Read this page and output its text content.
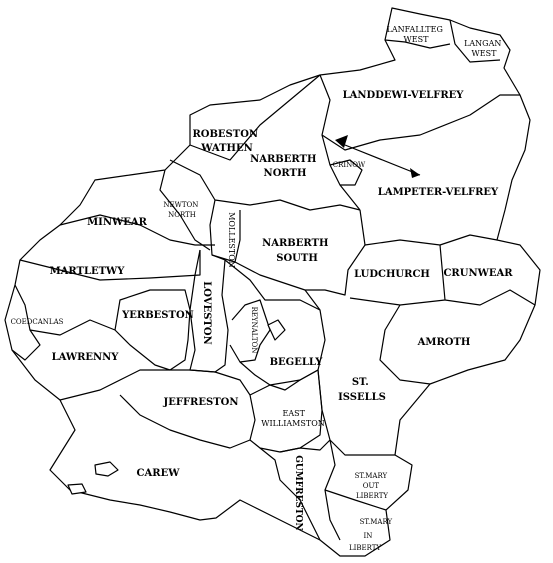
LANFALLTEG WEST	LANGAN WEST
LANDDEWI-VELFREY
ROBESTON WATHEN
NARBERTH NORTH
CRINOW
LAMPETER-VELFREY
MINWEAR
NEWTON NORTH	MOLLESTON	NARBERTH SOUTH
LUDCHURCH CRUNWEAR
MARTLETWY
COEDCANLAS
YERBESTON LOVESTON	REYNALTON	AMROTH
LAWRENNY	BEGELLY
ST. ISSELLS
JEFFRESTON
EAST WILLIAMSTON
CAREW	GUMFRESTON	ST.MARY OUT LIBERTY
ST.MARY IN LIBERTY
